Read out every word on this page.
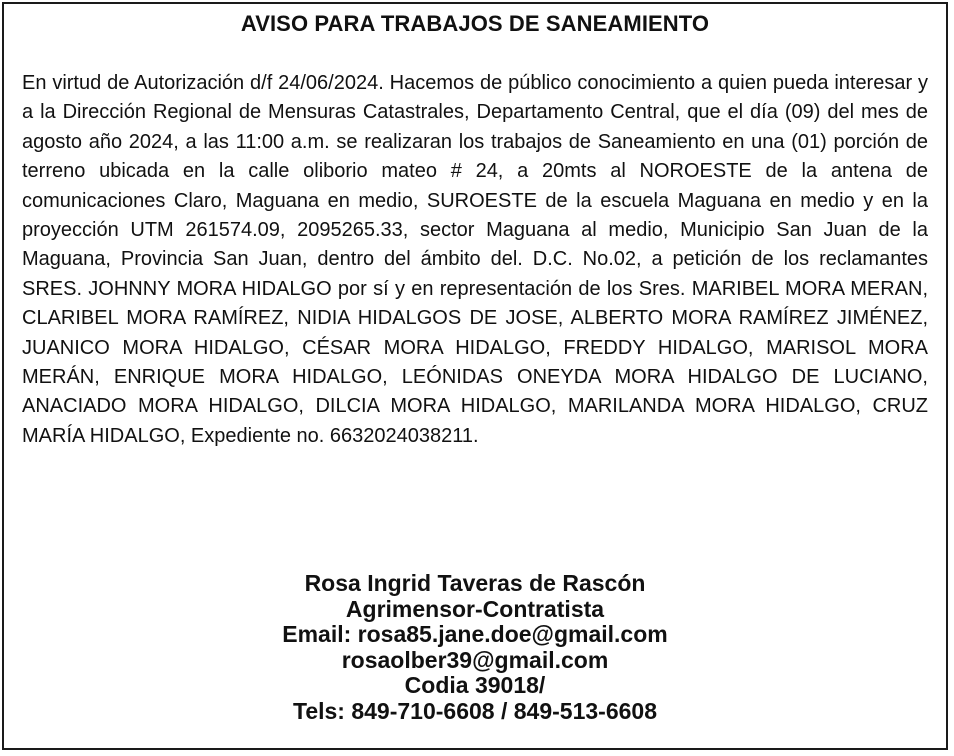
AVISO PARA TRABAJOS DE SANEAMIENTO

En virtud de Autorización d/f 24/06/2024. Hacemos de público conocimiento a quien pueda interesar y a la Dirección Regional de Mensuras Catastrales, Departamento Central, que el día (09) del mes de agosto año 2024, a las 11:00 a.m. se realizaran los trabajos de Saneamiento en una (01) porción de terreno ubicada en la calle oliborio mateo # 24, a 20mts al NOROESTE de la antena de comunicaciones Claro, Maguana en medio, SUROESTE de la escuela Maguana en medio y en la proyección UTM 261574.09, 2095265.33, sector Maguana al medio, Municipio San Juan de la Maguana, Provincia San Juan, dentro del ámbito del. D.C. No.02, a petición de los reclamantes SRES. JOHNNY MORA HIDALGO por sí y en representación de los Sres. MARIBEL MORA MERAN, CLARIBEL MORA RAMÍREZ, NIDIA HIDALGOS DE JOSE, ALBERTO MORA RAMÍREZ JIMÉNEZ, JUANICO MORA HIDALGO, CÉSAR MORA HIDALGO, FREDDY HIDALGO, MARISOL MORA MERÁN, ENRIQUE MORA HIDALGO, LEÓNIDAS ONEYDA MORA HIDALGO DE LUCIANO, ANACIADO MORA HIDALGO, DILCIA MORA HIDALGO, MARILANDA MORA HIDALGO, CRUZ MARÍA HIDALGO, Expediente no. 6632024038211.

Rosa Ingrid Taveras de Rascón
Agrimensor-Contratista
Email: rosa85.jane.doe@gmail.com
rosaolber39@gmail.com
Codia 39018/
Tels: 849-710-6608 / 849-513-6608
